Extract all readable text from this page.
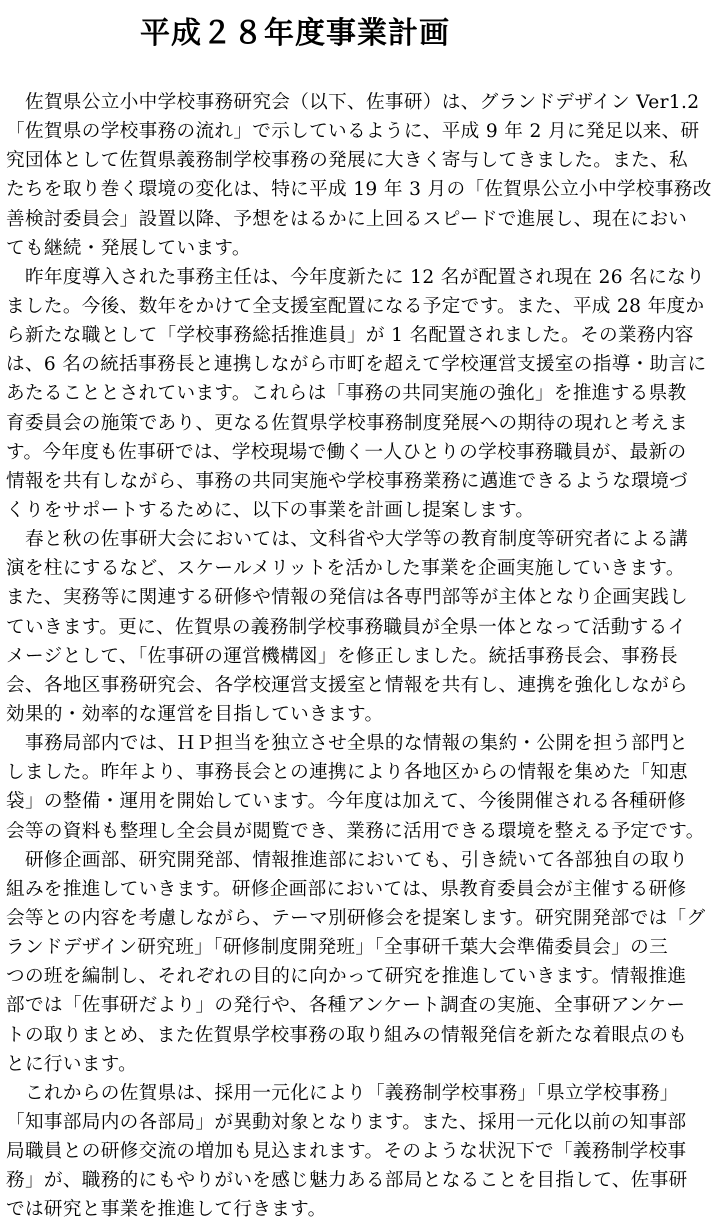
平成２８年度事業計画
佐賀県公立小中学校事務研究会（以下、佐事研）は、グランドデザイン Ver1.2
「佐賀県の学校事務の流れ」で示しているように、平成 9 年 2 月に発足以来、研
究団体として佐賀県義務制学校事務の発展に大きく寄与してきました。また、私
たちを取り巻く環境の変化は、特に平成 19 年 3 月の「佐賀県公立小中学校事務改
善検討委員会」設置以降、予想をはるかに上回るスピードで進展し、現在におい
ても継続・発展しています。
昨年度導入された事務主任は、今年度新たに 12 名が配置され現在 26 名になり
ました。今後、数年をかけて全支援室配置になる予定です。また、平成 28 年度か
ら新たな職として「学校事務総括推進員」が 1 名配置されました。その業務内容
は、6 名の統括事務長と連携しながら市町を超えて学校運営支援室の指導・助言に
あたることとされています。これらは「事務の共同実施の強化」を推進する県教
育委員会の施策であり、更なる佐賀県学校事務制度発展への期待の現れと考えま
す。今年度も佐事研では、学校現場で働く一人ひとりの学校事務職員が、最新の
情報を共有しながら、事務の共同実施や学校事務業務に邁進できるような環境づ
くりをサポートするために、以下の事業を計画し提案します。
春と秋の佐事研大会においては、文科省や大学等の教育制度等研究者による講
演を柱にするなど、スケールメリットを活かした事業を企画実施していきます。
また、実務等に関連する研修や情報の発信は各専門部等が主体となり企画実践し
ていきます。更に、佐賀県の義務制学校事務職員が全県一体となって活動するイ
メージとして、「佐事研の運営機構図」を修正しました。統括事務長会、事務長
会、各地区事務研究会、各学校運営支援室と情報を共有し、連携を強化しながら
効果的・効率的な運営を目指していきます。
事務局部内では、ＨＰ担当を独立させ全県的な情報の集約・公開を担う部門と
しました。昨年より、事務長会との連携により各地区からの情報を集めた「知恵
袋」の整備・運用を開始しています。今年度は加えて、今後開催される各種研修
会等の資料も整理し全会員が閲覧でき、業務に活用できる環境を整える予定です。
研修企画部、研究開発部、情報推進部においても、引き続いて各部独自の取り
組みを推進していきます。研修企画部においては、県教育委員会が主催する研修
会等との内容を考慮しながら、テーマ別研修会を提案します。研究開発部では「グ
ランドデザイン研究班」「研修制度開発班」「全事研千葉大会準備委員会」の三
つの班を編制し、それぞれの目的に向かって研究を推進していきます。情報推進
部では「佐事研だより」の発行や、各種アンケート調査の実施、全事研アンケー
トの取りまとめ、また佐賀県学校事務の取り組みの情報発信を新たな着眼点のも
とに行います。
これからの佐賀県は、採用一元化により「義務制学校事務」「県立学校事務」
「知事部局内の各部局」が異動対象となります。また、採用一元化以前の知事部
局職員との研修交流の増加も見込まれます。そのような状況下で「義務制学校事
務」が、職務的にもやりがいを感じ魅力ある部局となることを目指して、佐事研
では研究と事業を推進して行きます。
